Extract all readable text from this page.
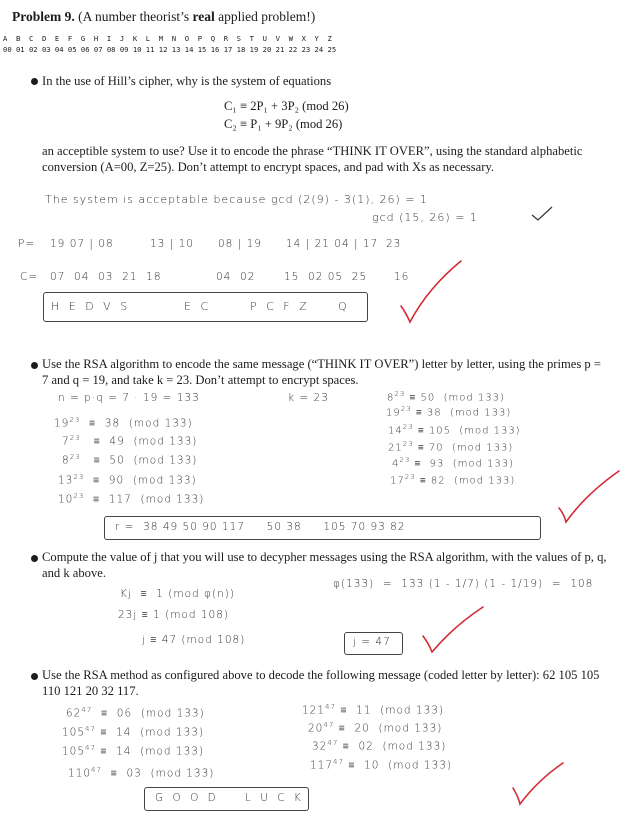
Problem 9. (A number theorist’s real applied problem!)
A  B  C  D  E  F  G  H  I  J  K  L  M  N  O  P  Q  R  S  T  U  V  W  X  Y  Z
00 01 02 03 04 05 06 07 08 09 10 11 12 13 14 15 16 17 18 19 20 21 22 23 24 25
In the use of Hill’s cipher, why is the system of equations
C₁ ≡ 2P₁ + 3P₂ (mod 26)
C₂ ≡ P₁ + 9P₂ (mod 26)
an acceptible system to use? Use it to encode the phrase “THINK IT OVER”, using the standard alphabetic conversion (A=00, Z=25). Don’t attempt to encrypt spaces, and pad with Xs as necessary.
The system is acceptable because gcd (2(9) - 3(1), 26) = 1
gcd (15, 26) = 1
P= 19 07 | 08	13 | 10 08 | 19 14 | 21 04 | 17 23
C= 07  04  03  21  18	04  02	15  02 05  25	16
H E D V S	E C	P C F Z	Q
Use the RSA algorithm to encode the same message (“THINK IT OVER”) letter by letter, using the primes p = 7 and q = 19, and take k = 23. Don’t attempt to encrypt spaces.
n = p·q = 7 · 19 = 133	k = 23
$19^{23} \equiv 38$  (mod 133)
$7^{23} \equiv 49$  (mod 133)
$8^{23} \equiv 50$  (mod 133)
$13^{23} \equiv 90$  (mod 133)
$10^{23} \equiv 117$  (mod 133)
$8^{23} \equiv 50$  (mod 133)
$19^{23} \equiv 38$  (mod 133)
$14^{23} \equiv 105$  (mod 133)
$21^{23} \equiv 70$  (mod 133)
$4^{23} \equiv 93$  (mod 133)
$17^{23} \equiv 82$  (mod 133)
r =  38 49 50 90 117     50 38     105 70 93 82
Compute the value of j that you will use to decypher messages using the RSA algorithm, with the values of p, q, and k above.
φ(133)  =  133 (1 - 1/7) (1 - 1/19)  =  108
Kj  ≡  1 (mod φ(n))
23j ≡ 1 (mod 108)
j ≡ 47 (mod 108)	j = 47
Use the RSA method as configured above to decode the following message (coded letter by letter): 62 105 105 110 121 20 32 117.
$62^{47} \equiv 06$  (mod 133)
$105^{47} \equiv 14$  (mod 133)
$105^{47} \equiv 14$  (mod 133)
$110^{47} \equiv 03$  (mod 133)
$121^{47} \equiv 11$  (mod 133)
$20^{47} \equiv 20$  (mod 133)
$32^{47} \equiv 02$  (mod 133)
$117^{47} \equiv 10$  (mod 133)
G O O D L U C K
